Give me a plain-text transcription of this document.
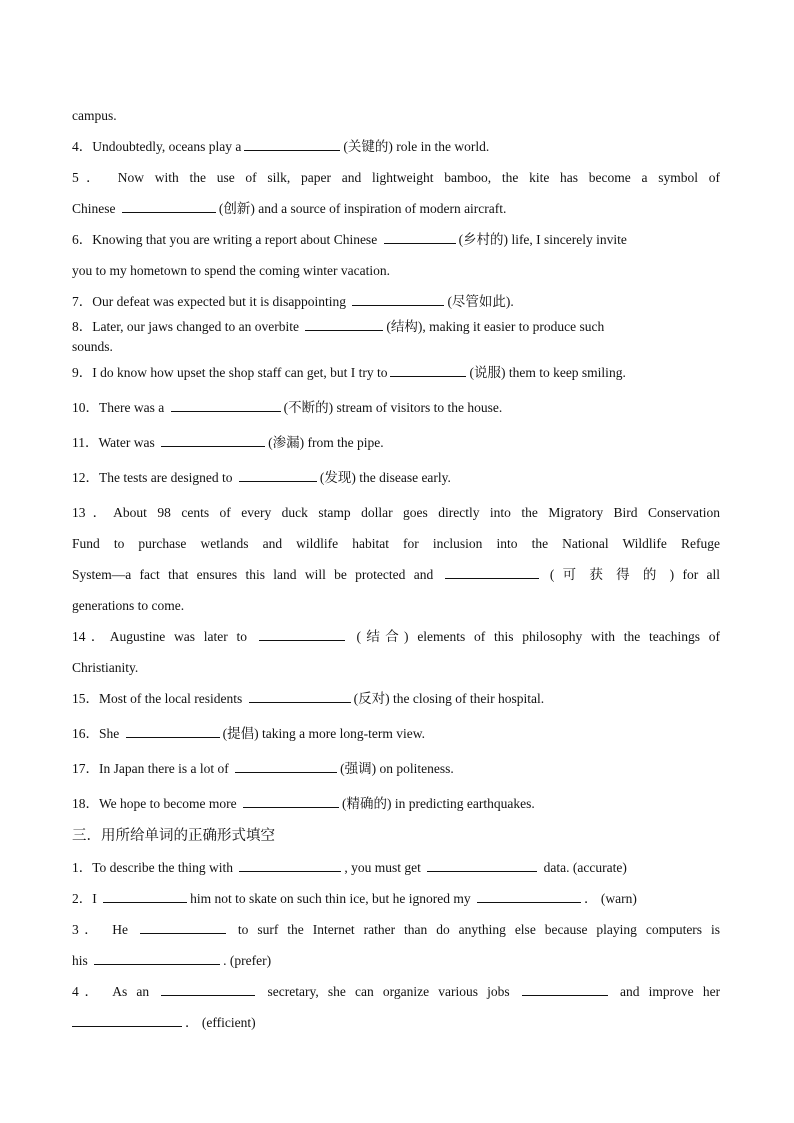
campus.
4．Undoubtedly, oceans play a	(关键的) role in the world.
5． Now with the use of silk, paper and lightweight bamboo, the kite has become a symbol of
Chinese	(创新) and a source of inspiration of modern aircraft.
6．Knowing that you are writing a report about Chinese	(乡村的) life, I sincerely invite
you to my hometown to spend the coming winter vacation.
7．Our defeat was expected but it is disappointing	(尽管如此).
8．Later, our jaws changed to an overbite	(结构), making it easier to produce such
sounds.
9．I do know how upset the shop staff can get, but I try to	(说服) them to keep smiling.
10．There was a	(不断的) stream of visitors to the house.
11．Water was	(渗漏) from the pipe.
12．The tests are designed to	(发现) the disease early.
13．About 98 cents of every duck stamp dollar goes directly into the Migratory Bird Conservation
Fund to purchase wetlands and wildlife habitat for inclusion into the National Wildlife Refuge
System—a fact that ensures this land will be protected and	( 可 获 得 的 ) for all
generations to come.
14．Augustine was later to	(结合) elements of this philosophy with the teachings of
Christianity.
15．Most of the local residents	(反对) the closing of their hospital.
16．She	(提倡) taking a more long-term view.
17．In Japan there is a lot of	(强调) on politeness.
18．We hope to become more	(精确的) in predicting earthquakes.
三．用所给单词的正确形式填空
1．To describe the thing with	, you must get	data. (accurate)
2．I	him not to skate on such thin ice, but he ignored my	． (warn)
3． He	to surf the Internet rather than do anything else because playing computers is
his	. (prefer)
4． As an	secretary, she can organize various jobs	and improve her
． (efficient)
